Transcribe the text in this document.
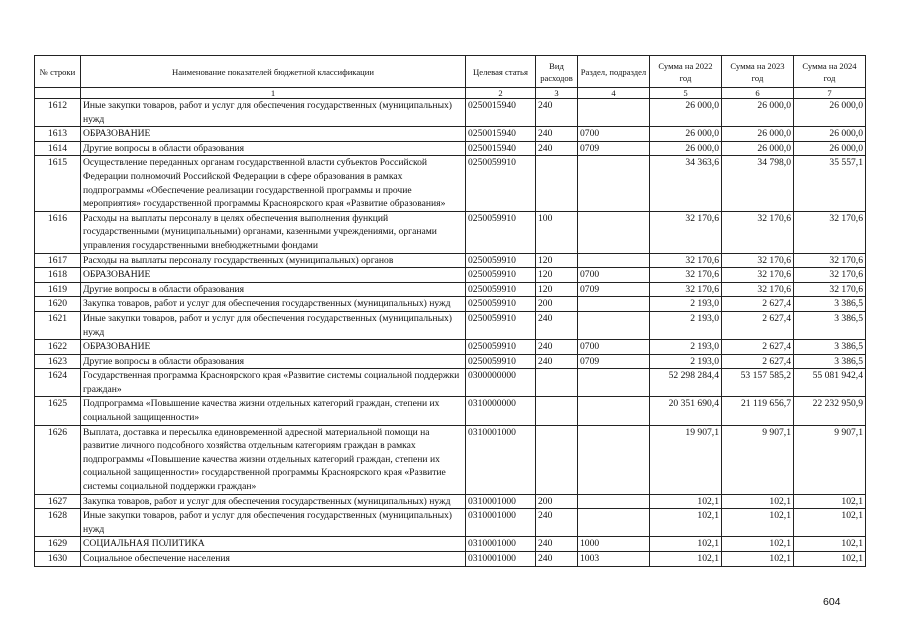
№ строки	Наименование показателей бюджетной классификации	Целевая статья	Вид расходов	Раздел, подраздел	Сумма на 2022 год	Сумма на 2023 год	Сумма на 2024 год
	1	2	3	4	5	6	7
1612	Иные закупки товаров, работ и услуг для обеспечения государственных (муниципальных) нужд	0250015940	240		26 000,0	26 000,0	26 000,0
1613	ОБРАЗОВАНИЕ	0250015940	240	0700	26 000,0	26 000,0	26 000,0
1614	Другие вопросы в области образования	0250015940	240	0709	26 000,0	26 000,0	26 000,0
1615	Осуществление переданных органам государственной власти субъектов Российской Федерации полномочий Российской Федерации в сфере образования в рамках подпрограммы «Обеспечение реализации государственной программы и прочие мероприятия» государственной программы Красноярского края «Развитие образования»	0250059910			34 363,6	34 798,0	35 557,1
1616	Расходы на выплаты персоналу в целях обеспечения выполнения функций государственными (муниципальными) органами, казенными учреждениями, органами управления государственными внебюджетными фондами	0250059910	100		32 170,6	32 170,6	32 170,6
1617	Расходы на выплаты персоналу государственных (муниципальных) органов	0250059910	120		32 170,6	32 170,6	32 170,6
1618	ОБРАЗОВАНИЕ	0250059910	120	0700	32 170,6	32 170,6	32 170,6
1619	Другие вопросы в области образования	0250059910	120	0709	32 170,6	32 170,6	32 170,6
1620	Закупка товаров, работ и услуг для обеспечения государственных (муниципальных) нужд	0250059910	200		2 193,0	2 627,4	3 386,5
1621	Иные закупки товаров, работ и услуг для обеспечения государственных (муниципальных) нужд	0250059910	240		2 193,0	2 627,4	3 386,5
1622	ОБРАЗОВАНИЕ	0250059910	240	0700	2 193,0	2 627,4	3 386,5
1623	Другие вопросы в области образования	0250059910	240	0709	2 193,0	2 627,4	3 386,5
1624	Государственная программа Красноярского края «Развитие системы социальной поддержки граждан»	0300000000			52 298 284,4	53 157 585,2	55 081 942,4
1625	Подпрограмма «Повышение качества жизни отдельных категорий граждан, степени их социальной защищенности»	0310000000			20 351 690,4	21 119 656,7	22 232 950,9
1626	Выплата, доставка и пересылка единовременной адресной материальной помощи на развитие личного подсобного хозяйства отдельным категориям граждан в рамках подпрограммы «Повышение качества жизни отдельных категорий граждан, степени их социальной защищенности» государственной программы Красноярского края «Развитие системы социальной поддержки граждан»	0310001000			19 907,1	9 907,1	9 907,1
1627	Закупка товаров, работ и услуг для обеспечения государственных (муниципальных) нужд	0310001000	200		102,1	102,1	102,1
1628	Иные закупки товаров, работ и услуг для обеспечения государственных (муниципальных) нужд	0310001000	240		102,1	102,1	102,1
1629	СОЦИАЛЬНАЯ ПОЛИТИКА	0310001000	240	1000	102,1	102,1	102,1
1630	Социальное обеспечение населения	0310001000	240	1003	102,1	102,1	102,1
604
